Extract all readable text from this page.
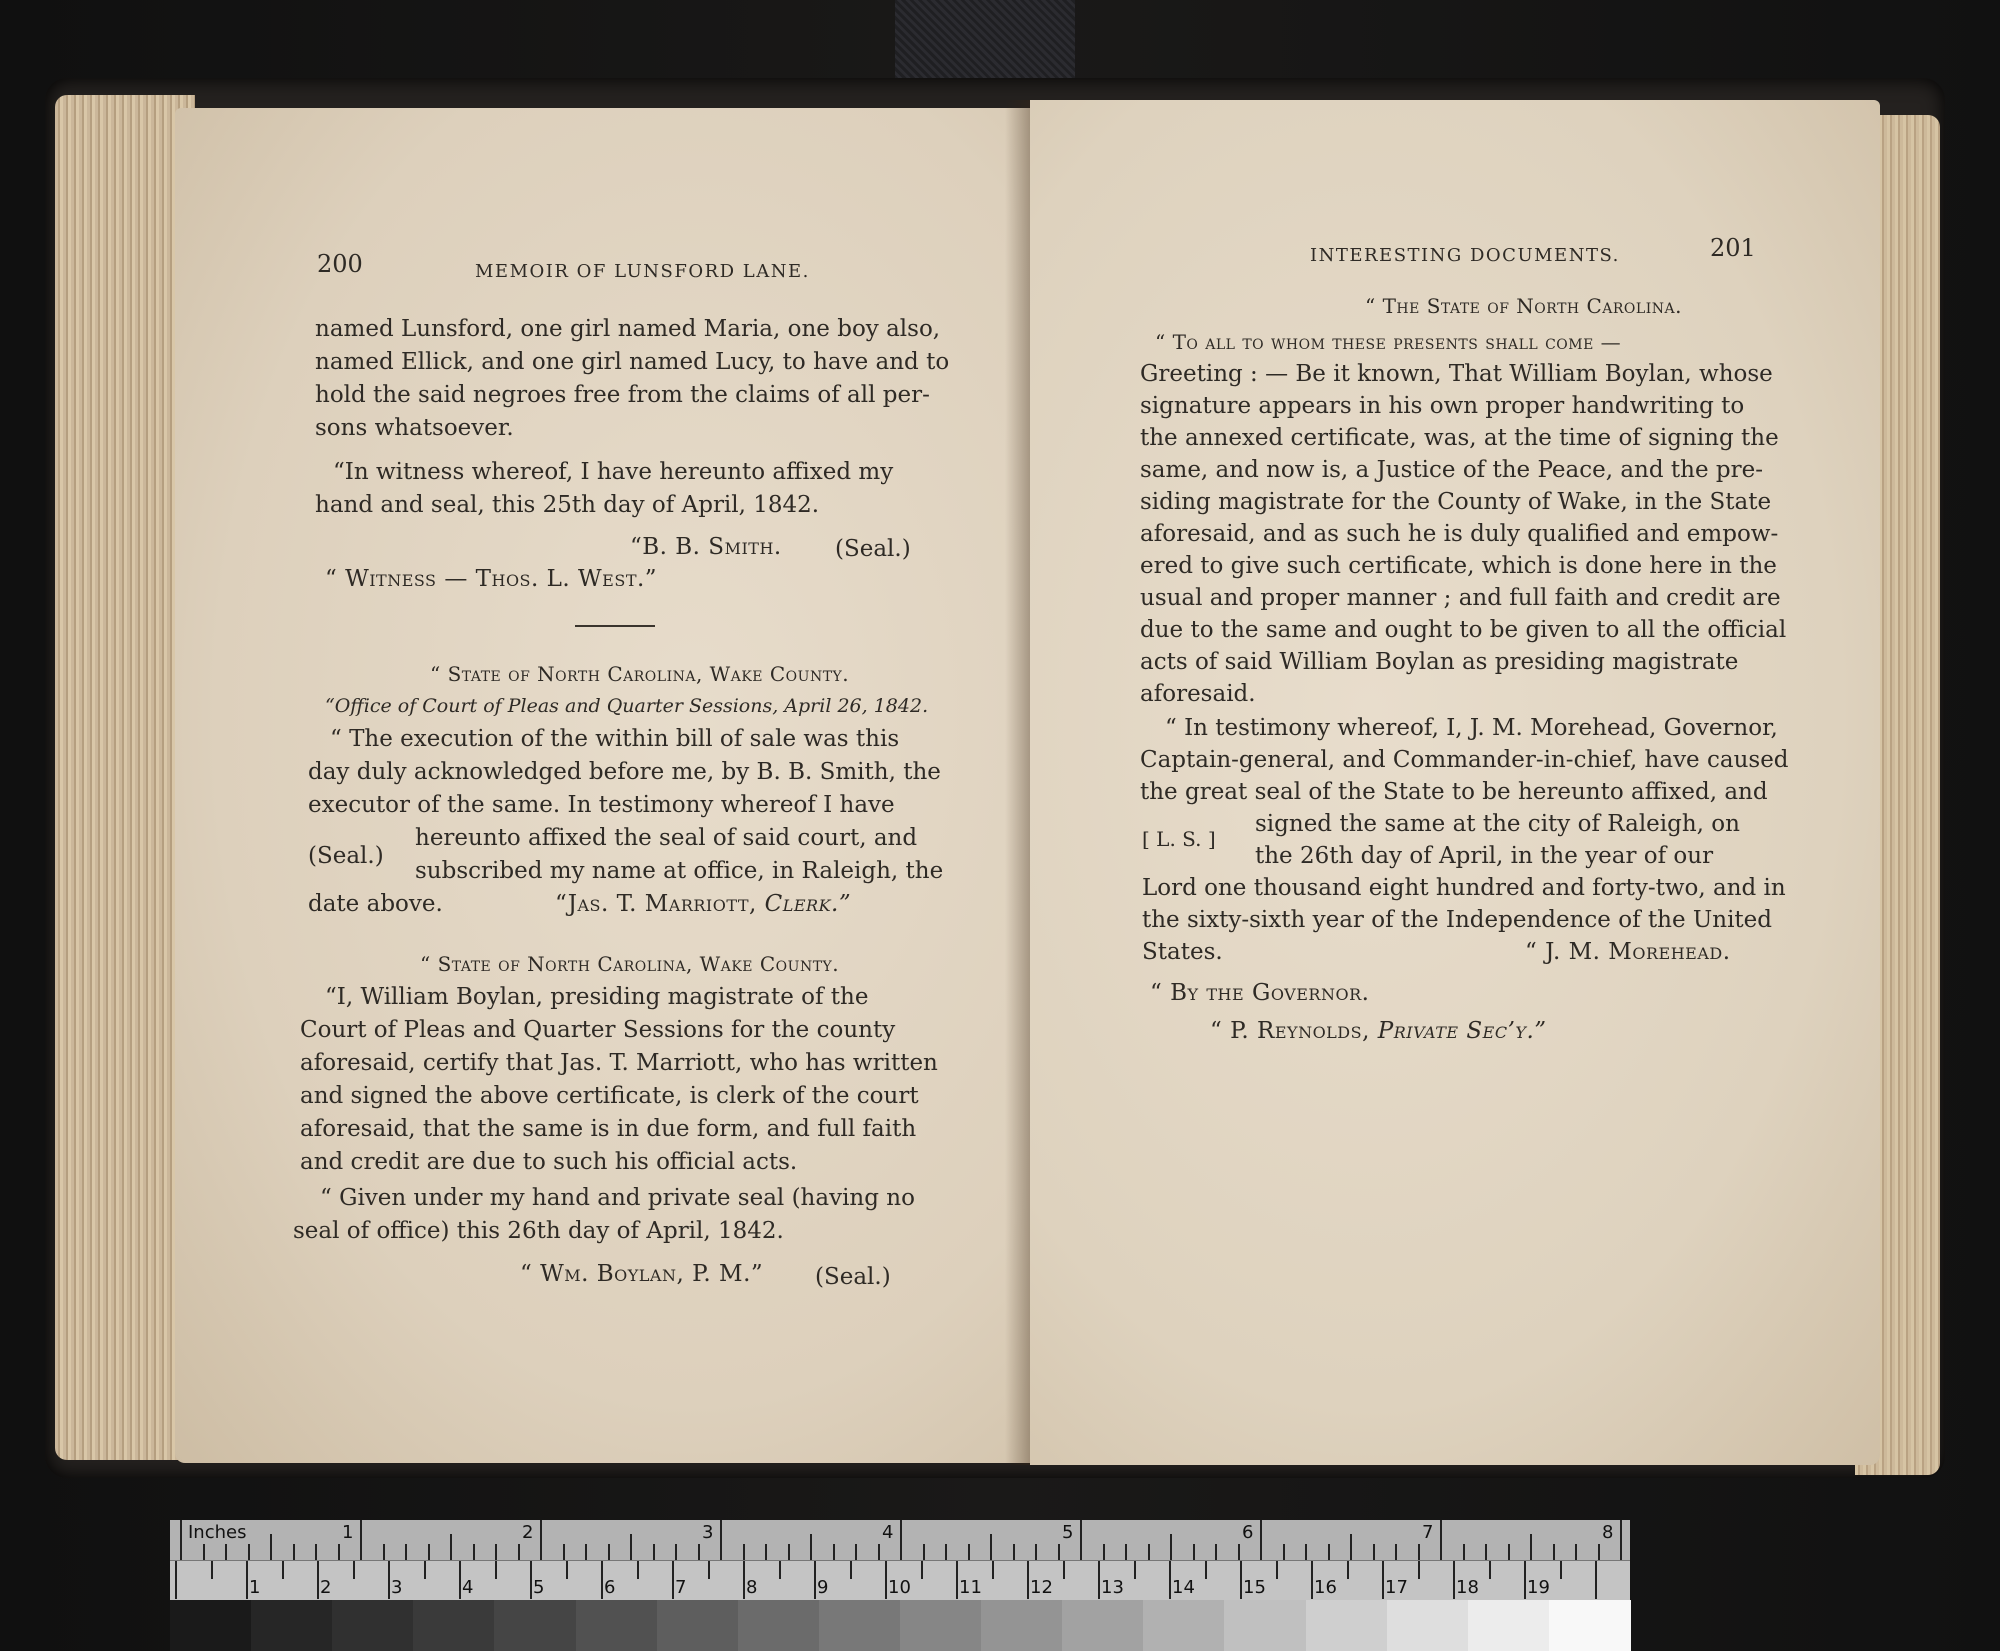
200	MEMOIR OF LUNSFORD LANE.
named Lunsford, one girl named Maria, one boy also,
named Ellick, and one girl named Lucy, to have and to
hold the said negroes free from the claims of all per-
sons whatsoever.
“In witness whereof, I have hereunto affixed my
hand and seal, this 25th day of April, 1842.
“B. B. Smith. (Seal.)
“ Witness — Thos. L. West.”
“ State of North Carolina, Wake County.
“Office of Court of Pleas and Quarter Sessions, April 26, 1842.
“ The execution of the within bill of sale was this
day duly acknowledged before me, by B. B. Smith, the
executor of the same. In testimony whereof I have
(Seal.)
hereunto affixed the seal of said court, and
subscribed my name at office, in Raleigh, the
date above.	“Jas. T. Marriott, Clerk.”
“ State of North Carolina, Wake County.
“I, William Boylan, presiding magistrate of the
Court of Pleas and Quarter Sessions for the county
aforesaid, certify that Jas. T. Marriott, who has written
and signed the above certificate, is clerk of the court
aforesaid, that the same is in due form, and full faith
and credit are due to such his official acts.
“ Given under my hand and private seal (having no
seal of office) this 26th day of April, 1842.
“ Wm. Boylan, P. M.” (Seal.)
INTERESTING DOCUMENTS.	201
“ The State of North Carolina.
“ To all to whom these presents shall come —
Greeting : — Be it known, That William Boylan, whose
signature appears in his own proper handwriting to
the annexed certificate, was, at the time of signing the
same, and now is, a Justice of the Peace, and the pre-
siding magistrate for the County of Wake, in the State
aforesaid, and as such he is duly qualified and empow-
ered to give such certificate, which is done here in the
usual and proper manner ; and full faith and credit are
due to the same and ought to be given to all the official
acts of said William Boylan as presiding magistrate
aforesaid.
“ In testimony whereof, I, J. M. Morehead, Governor,
Captain-general, and Commander-in-chief, have caused
the great seal of the State to be hereunto affixed, and
[ L. S. ]
signed the same at the city of Raleigh, on
the 26th day of April, in the year of our
Lord one thousand eight hundred and forty-two, and in
the sixty-sixth year of the Independence of the United
States.	“ J. M. Morehead.
“ By the Governor.
“ P. Reynolds, Private Sec’y.”
Inches	1	2	3	4	5	6	7	8
1	2	3	4	5	6	7	8	9	10	11	12	13	14	15	16	17	18	19
